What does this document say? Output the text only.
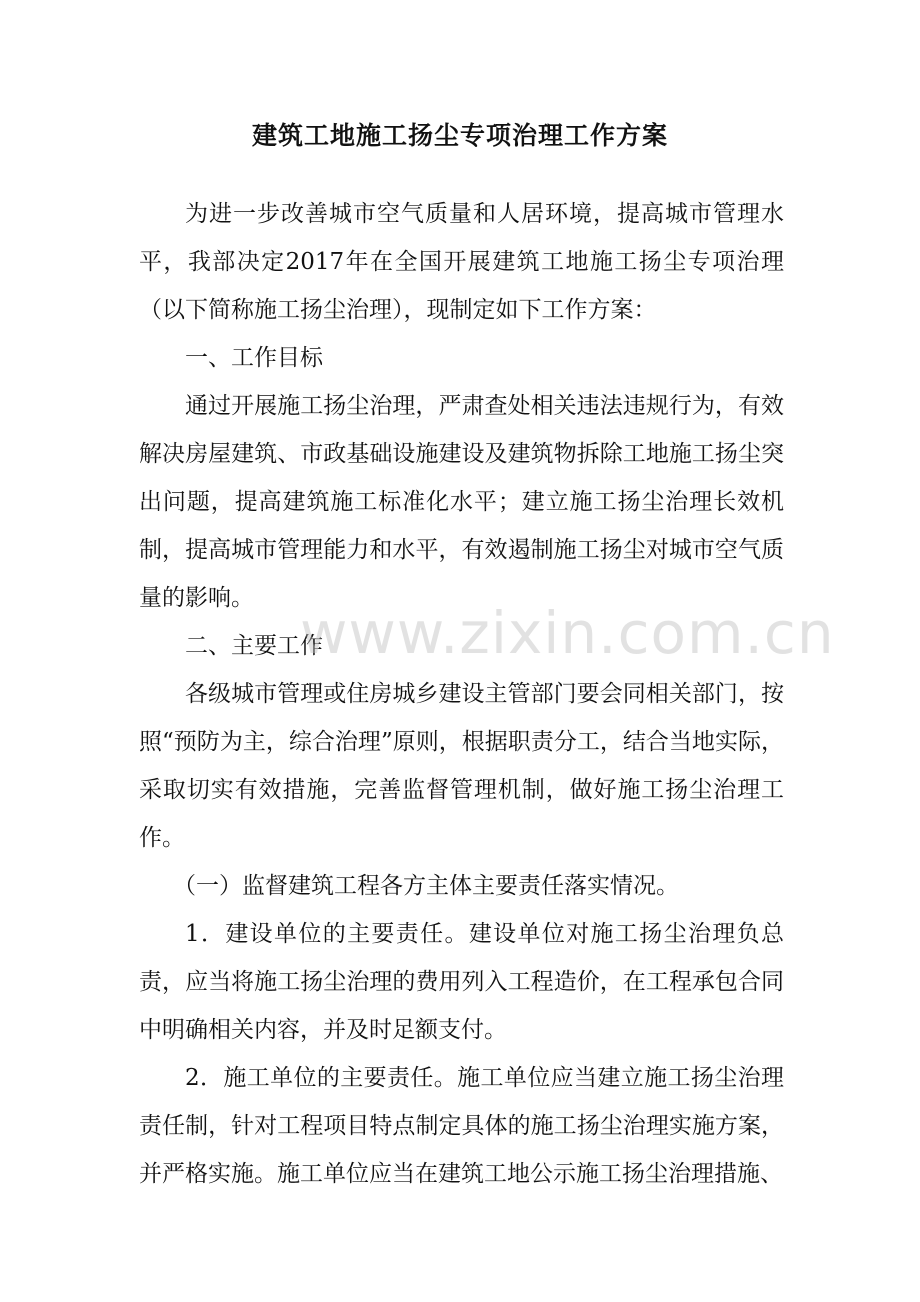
建筑工地施工扬尘专项治理工作方案

为进一步改善城市空气质量和人居环境，提高城市管理水平，我部决定2017年在全国开展建筑工地施工扬尘专项治理（以下简称施工扬尘治理），现制定如下工作方案：

一、工作目标

通过开展施工扬尘治理，严肃查处相关违法违规行为，有效解决房屋建筑、市政基础设施建设及建筑物拆除工地施工扬尘突出问题，提高建筑施工标准化水平；建立施工扬尘治理长效机制，提高城市管理能力和水平，有效遏制施工扬尘对城市空气质量的影响。

二、主要工作

各级城市管理或住房城乡建设主管部门要会同相关部门，按照“预防为主，综合治理”原则，根据职责分工，结合当地实际，采取切实有效措施，完善监督管理机制，做好施工扬尘治理工作。

（一）监督建筑工程各方主体主要责任落实情况。

1．建设单位的主要责任。建设单位对施工扬尘治理负总责，应当将施工扬尘治理的费用列入工程造价，在工程承包合同中明确相关内容，并及时足额支付。

2．施工单位的主要责任。施工单位应当建立施工扬尘治理责任制，针对工程项目特点制定具体的施工扬尘治理实施方案，并严格实施。施工单位应当在建筑工地公示施工扬尘治理措施、

www.zixin.com.cn
